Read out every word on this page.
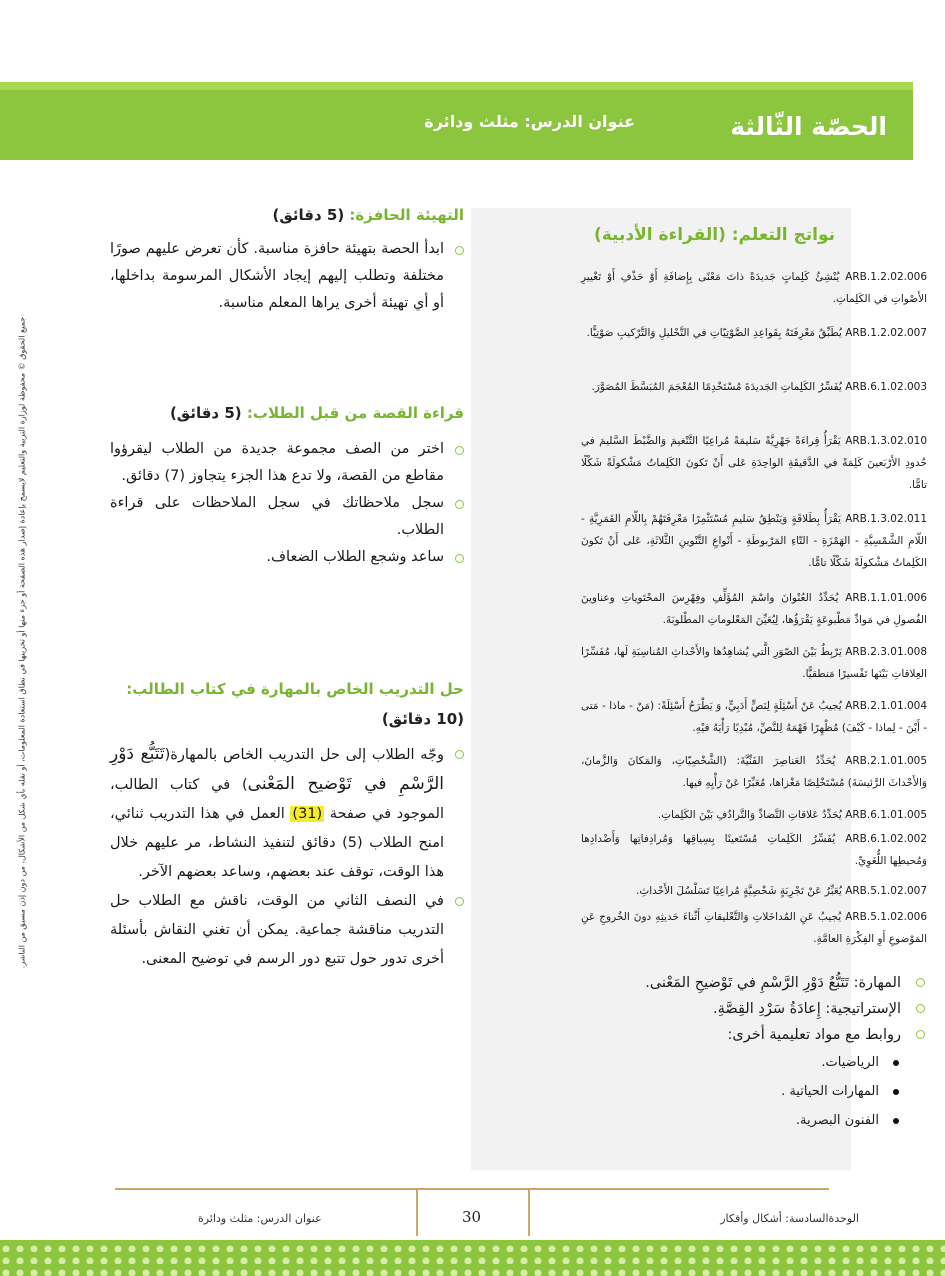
الحصّة الثّالثة
عنوان الدرس: مثلث ودائرة
جميع الحقوق © محفوظة لوزارة التربية والتعليم لايسمح بإعادة إصدار هذه الصفحة أو جزء منها أو تخزينها في نطاق استعادة المعلومات، أو نقله بأي شكل من الأشكال، من دون إذن مسبق من الناشر.
نواتج التعلم: (القراءة الأدبية)
ARB.1.2.02.006 يُنْشِئُ كَلِماتٍ جَديدَةً ذاتَ مَعْنًى بِإِضافَةِ أَوْ حَذْفِ أَوْ تَغْييرِ الأَصْواتِ في الكَلِماتِ.
ARB.1.2.02.007 يُطَبِّقُ مَعْرِفَتَهُ بِقَواعِدِ الصَّوْتِيّاتِ في التَّحْليلِ وَالتَّرْكيبِ صَوْتِيًّا.
ARB.6.1.02.003 يُفَسِّرُ الكَلِماتِ الجَديدَةَ مُسْتَخْدِمًا المُعْجَمَ المُبَسَّطَ المُصَوَّرَ.
ARB.1.3.02.010 يَقْرَأُ قِراءَةً جَهْرِيَّةً سَليمَةً مُراعِيًا التَّنْغيمَ وَالضَّبْطَ السَّليمَ في حُدودِ الأَرْبَعينَ كَلِمَةً في الدَّقيقَةِ الواحِدَةِ عَلى أَنْ تَكونَ الكَلِماتُ مَشْكولَةً شَكْلًا تامًّا.
ARB.1.3.02.011 يَقْرَأُ بِطَلاقَةٍ وَيَنْطِقُ سَليمِ مُسْتَثْمِرًا مَعْرِفَتَهُمْ بِاللّامِ القَمَرِيَّةِ - اللّامِ الشَّمْسِيَّةِ - الهَمْزَةِ - التّاءِ المَرْبوطَةِ - أَنْواعِ التَّنْوينِ الثَّلاثَةِ، عَلى أَنْ تَكونَ الكَلِماتُ مَشْكولَةً شَكْلًا تامًّا.
ARB.1.1.01.006 يُحَدِّدُ العُنْوانَ واسْمَ المُؤَلِّفِ وفِهْرِسَ المحْتَوياتِ وعناوينَ الفُصولِ في مَوادِّ مَطْبوعَةٍ يَقْرَؤُها، لِيُعَيِّنَ المَعْلوماتِ المطْلوبَةَ.
ARB.2.3.01.008 يَرْبِطُ بَيْنَ الصّوَرِ الَّتي يُشاهِدُها والأَحْداثِ المُناسِبَةِ لَها، مُفَسِّرًا العِلاقاتِ بَيْنَها تَفْسيرًا مَنطقيًّا.
ARB.2.1.01.004 يُجيبُ عَنْ أَسْئِلَةٍ لِنَصٍّ أَدَبِيٍّ، وَ يَطْرَحُ أَسْئِلَةً: (مَنْ - ماذا - مَتى - أَيْنَ - لِماذا - كَيْفَ) مُظْهِرًا فَهْمَهُ لِلنَّصِّ، مُبْدِيًا رَأْيَهُ فيْهِ.
ARB.2.1.01.005 يُحَدِّدُ العَناصِرَ الفَنِّيَّةَ: (الشَّخْصِيّاتِ، وَالمَكانَ وَالزَّمانَ، وَالأَحْداثَ الرَّئيسَةَ) مُسْتَخْلِصًا مَغْزاها، مُعَبِّرًا عَنْ رَأْيِهِ فيها.
ARB.6.1.01.005 يُحَدِّدُ عَلاقاتِ التَّضادِّ وَالتَّرادُفِ بَيْنَ الكَلِماتِ.
ARB.6.1.02.002 يُفَسِّرُ الكَلِماتِ مُسْتَعينًا بِسِياقِها وَمُرادِفاتِها وَأَضْدادِها وَمُحيطِها اللُّغَوِيِّ.
ARB.5.1.02.007 يُعَبِّرُ عَنْ تَجْرِبَةٍ شَخْصِيَّةٍ مُراعِيًا تَسَلْسُلَ الأَحْداثِ.
ARB.5.1.02.006 يُجيبُ عَنِ المُداخَلاتِ وَالتَّعْليقاتِ أَثْناءَ حَديثِهِ دونَ الخُروجِ عَنِ المَوْضوعِ أَوِ الفِكْرَةِ العامَّةِ.
المهارة: تَتَبُّعُ دَوْرِ الرَّسْمِ في تَوْضيحِ المَعْنى.
الإستراتيجية: إِعادَةُ سَرْدِ القِصَّةِ.
روابط مع مواد تعليمية أخرى:
الرياضيات.
المهارات الحياتية .
الفنون البصرية.
التهيئة الحافزة: (5 دقائق)
ابدأ الحصة بتهيئة حافزة مناسبة. كأن تعرض عليهم صورًا مختلفة وتطلب إليهم إيجاد الأشكال المرسومة بداخلها، أو أي تهيئة أخرى يراها المعلم مناسبة.
قراءة القصة من قبل الطلاب: (5 دقائق)
اختر من الصف مجموعة جديدة من الطلاب ليقرؤوا مقاطع من القصة، ولا تدع هذا الجزء يتجاوز (7) دقائق.
سجل ملاحظاتك في سجل الملاحظات على قراءة الطلاب.
ساعد وشجع الطلاب الضعاف.
حل التدريب الخاص بالمهارة في كتاب الطالب: (10 دقائق)
وجّه الطلاب إلى حل التدريب الخاص بالمهارة(تَتَبُّع دَوْرِ الرَّسْمِ في تَوْضيح المَعْنى) في كتاب الطالب، الموجود في صفحة (31) العمل في هذا التدريب ثنائي، امنح الطلاب (5) دقائق لتنفيذ النشاط، مر عليهم خلال هذا الوقت، توقف عند بعضهم، وساعد بعضهم الآخر.
في النصف الثاني من الوقت، ناقش مع الطلاب حل التدريب مناقشة جماعية. يمكن أن تغني النقاش بأسئلة أخرى تدور حول تتبع دور الرسم في توضيح المعنى.
الوحدةالسادسة: أشكال وأفكار
30
عنوان الدرس: مثلث ودائرة
